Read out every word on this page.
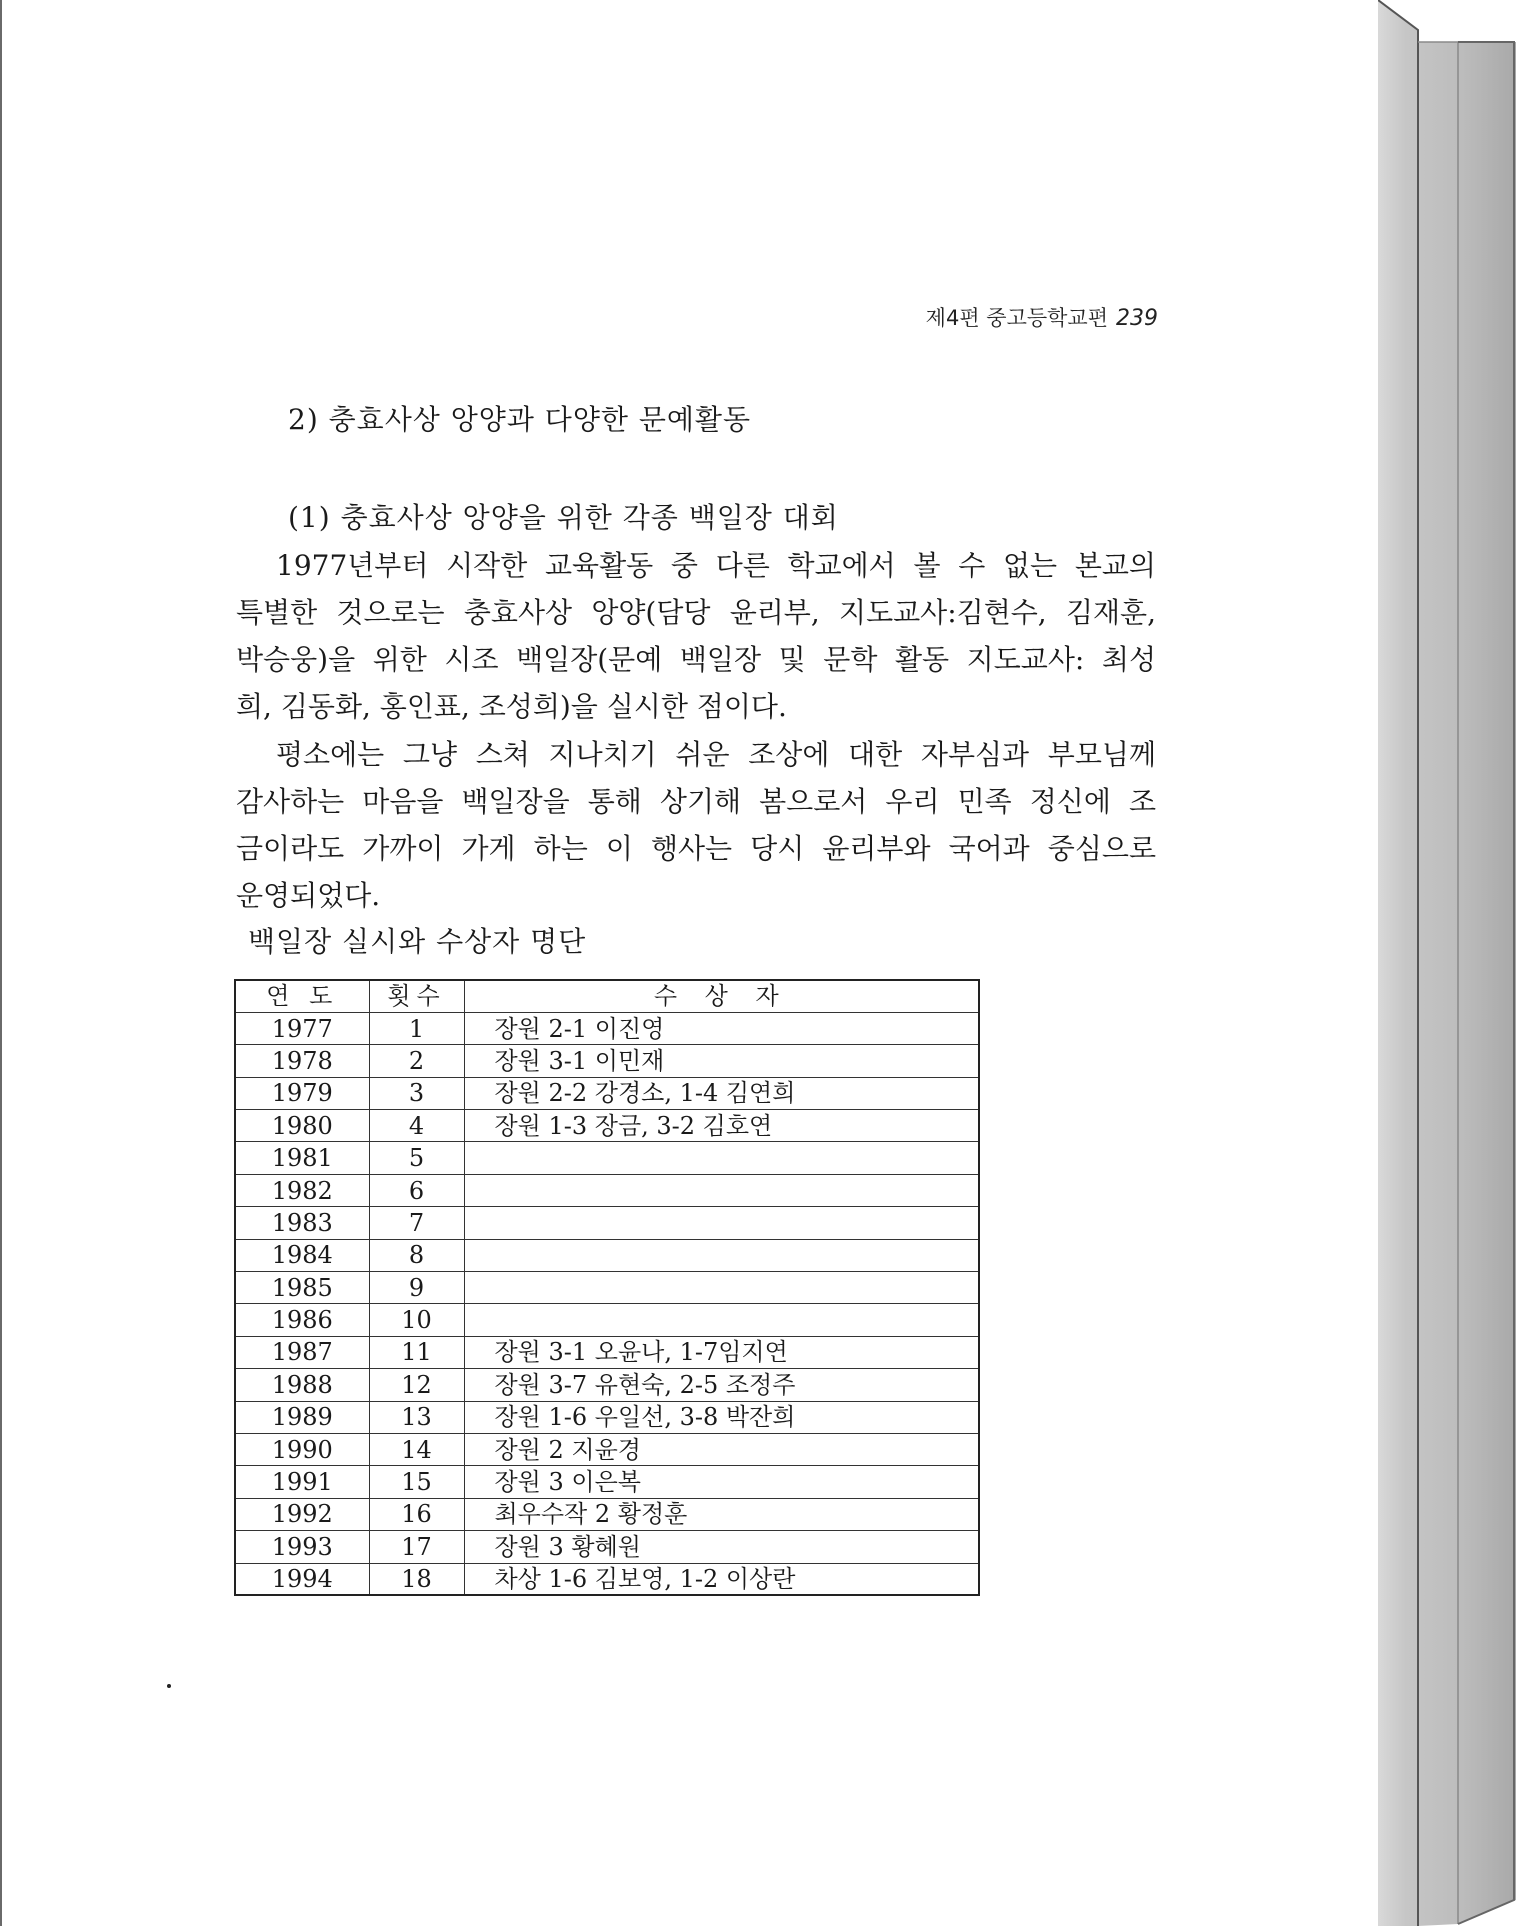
제4편 중고등학교편 239
2) 충효사상 앙양과 다양한 문예활동
(1) 충효사상 앙양을 위한 각종 백일장 대회
1977년부터 시작한 교육활동 중 다른 학교에서 볼 수 없는 본교의
특별한 것으로는 충효사상 앙양(담당 윤리부, 지도교사:김현수, 김재훈,
박승웅)을 위한 시조 백일장(문예 백일장 및 문학 활동 지도교사: 최성
희, 김동화, 홍인표, 조성희)을 실시한 점이다.
평소에는 그냥 스쳐 지나치기 쉬운 조상에 대한 자부심과 부모님께
감사하는 마음을 백일장을 통해 상기해 봄으로서 우리 민족 정신에 조
금이라도 가까이 가게 하는 이 행사는 당시 윤리부와 국어과 중심으로
운영되었다.
백일장 실시와 수상자 명단
연 도	횟수	수 상 자
1977	1	장원 2-1 이진영
1978	2	장원 3-1 이민재
1979	3	장원 2-2 강경소, 1-4 김연희
1980	4	장원 1-3 장금, 3-2 김호연
1981	5	
1982	6	
1983	7	
1984	8	
1985	9	
1986	10	
1987	11	장원 3-1 오윤나, 1-7임지연
1988	12	장원 3-7 유현숙, 2-5 조정주
1989	13	장원 1-6 우일선, 3-8 박잔희
1990	14	장원 2 지윤경
1991	15	장원 3 이은복
1992	16	최우수작 2 황정훈
1993	17	장원 3 황혜원
1994	18	차상 1-6 김보영, 1-2 이상란
